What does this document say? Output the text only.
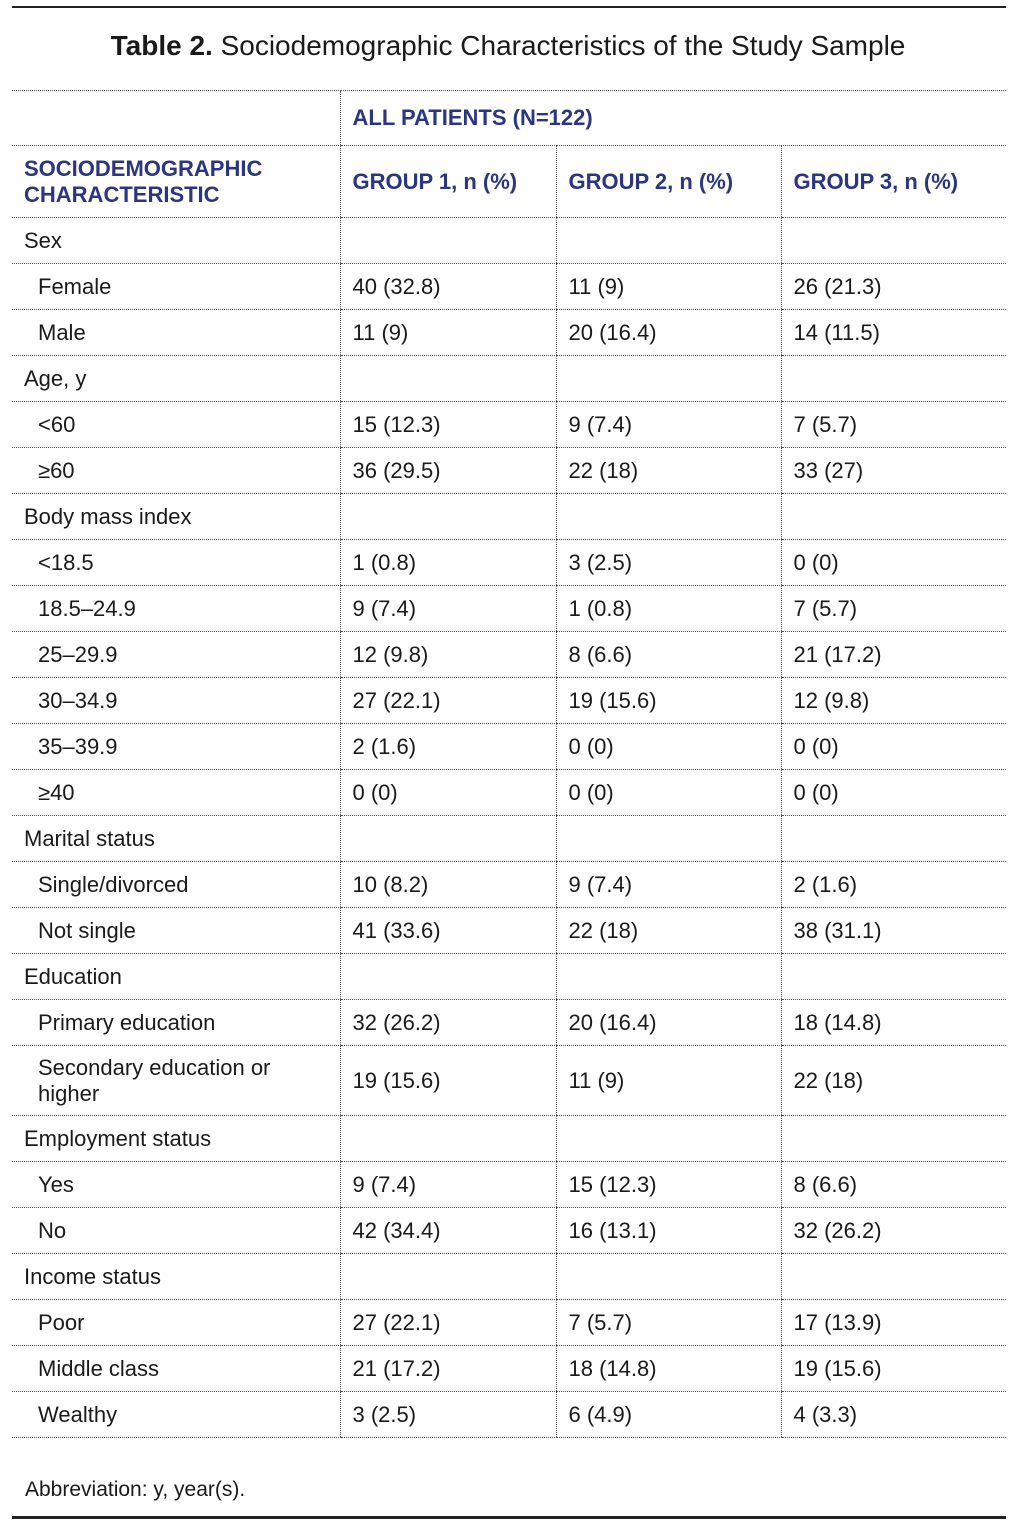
Table 2. Sociodemographic Characteristics of the Study Sample
	ALL PATIENTS (N=122)		
SOCIODEMOGRAPHIC CHARACTERISTIC	GROUP 1, n (%)	GROUP 2, n (%)	GROUP 3, n (%)
Sex			
Female	40 (32.8)	11 (9)	26 (21.3)
Male	11 (9)	20 (16.4)	14 (11.5)
Age, y			
<60	15 (12.3)	9 (7.4)	7 (5.7)
≥60	36 (29.5)	22 (18)	33 (27)
Body mass index			
<18.5	1 (0.8)	3 (2.5)	0 (0)
18.5–24.9	9 (7.4)	1 (0.8)	7 (5.7)
25–29.9	12 (9.8)	8 (6.6)	21 (17.2)
30–34.9	27 (22.1)	19 (15.6)	12 (9.8)
35–39.9	2 (1.6)	0 (0)	0 (0)
≥40	0 (0)	0 (0)	0 (0)
Marital status			
Single/divorced	10 (8.2)	9 (7.4)	2 (1.6)
Not single	41 (33.6)	22 (18)	38 (31.1)
Education			
Primary education	32 (26.2)	20 (16.4)	18 (14.8)
Secondary education or higher	19 (15.6)	11 (9)	22 (18)
Employment status			
Yes	9 (7.4)	15 (12.3)	8 (6.6)
No	42 (34.4)	16 (13.1)	32 (26.2)
Income status			
Poor	27 (22.1)	7 (5.7)	17 (13.9)
Middle class	21 (17.2)	18 (14.8)	19 (15.6)
Wealthy	3 (2.5)	6 (4.9)	4 (3.3)
Abbreviation: y, year(s).
